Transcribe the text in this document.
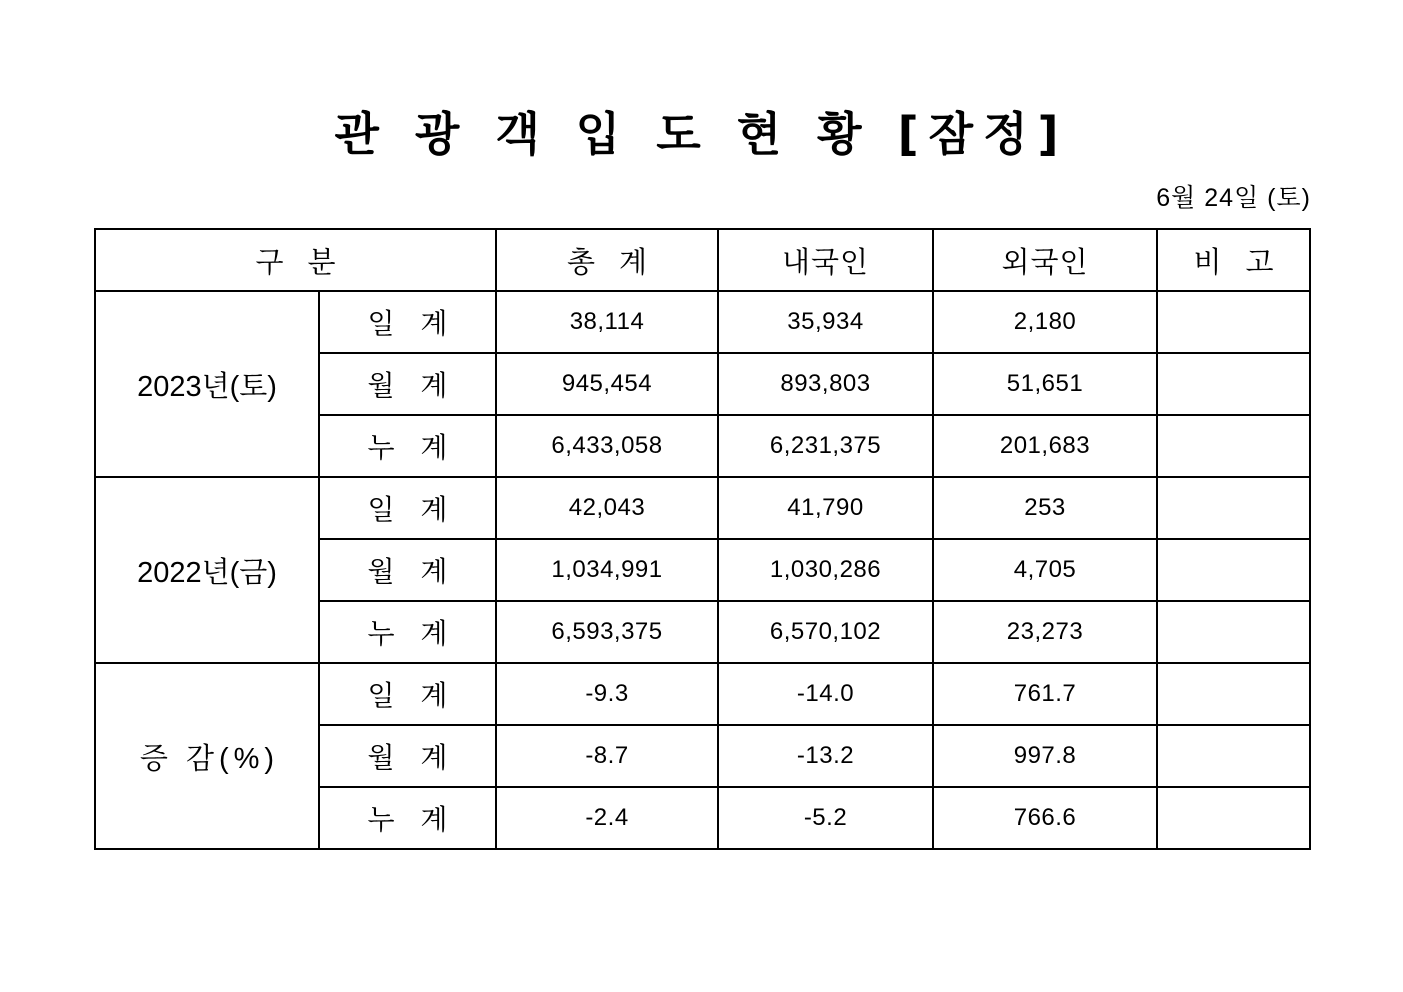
관 광 객 입 도 현 황 [잠정]
6월 24일 (토)
구 분		총 계	내국인	외국인	비 고
2023년(토)	일 계	38,114	35,934	2,180	
	월 계	945,454	893,803	51,651	
	누 계	6,433,058	6,231,375	201,683	
2022년(금)	일 계	42,043	41,790	253	
	월 계	1,034,991	1,030,286	4,705	
	누 계	6,593,375	6,570,102	23,273	
증 감(%)	일 계	-9.3	-14.0	761.7	
	월 계	-8.7	-13.2	997.8	
	누 계	-2.4	-5.2	766.6	
